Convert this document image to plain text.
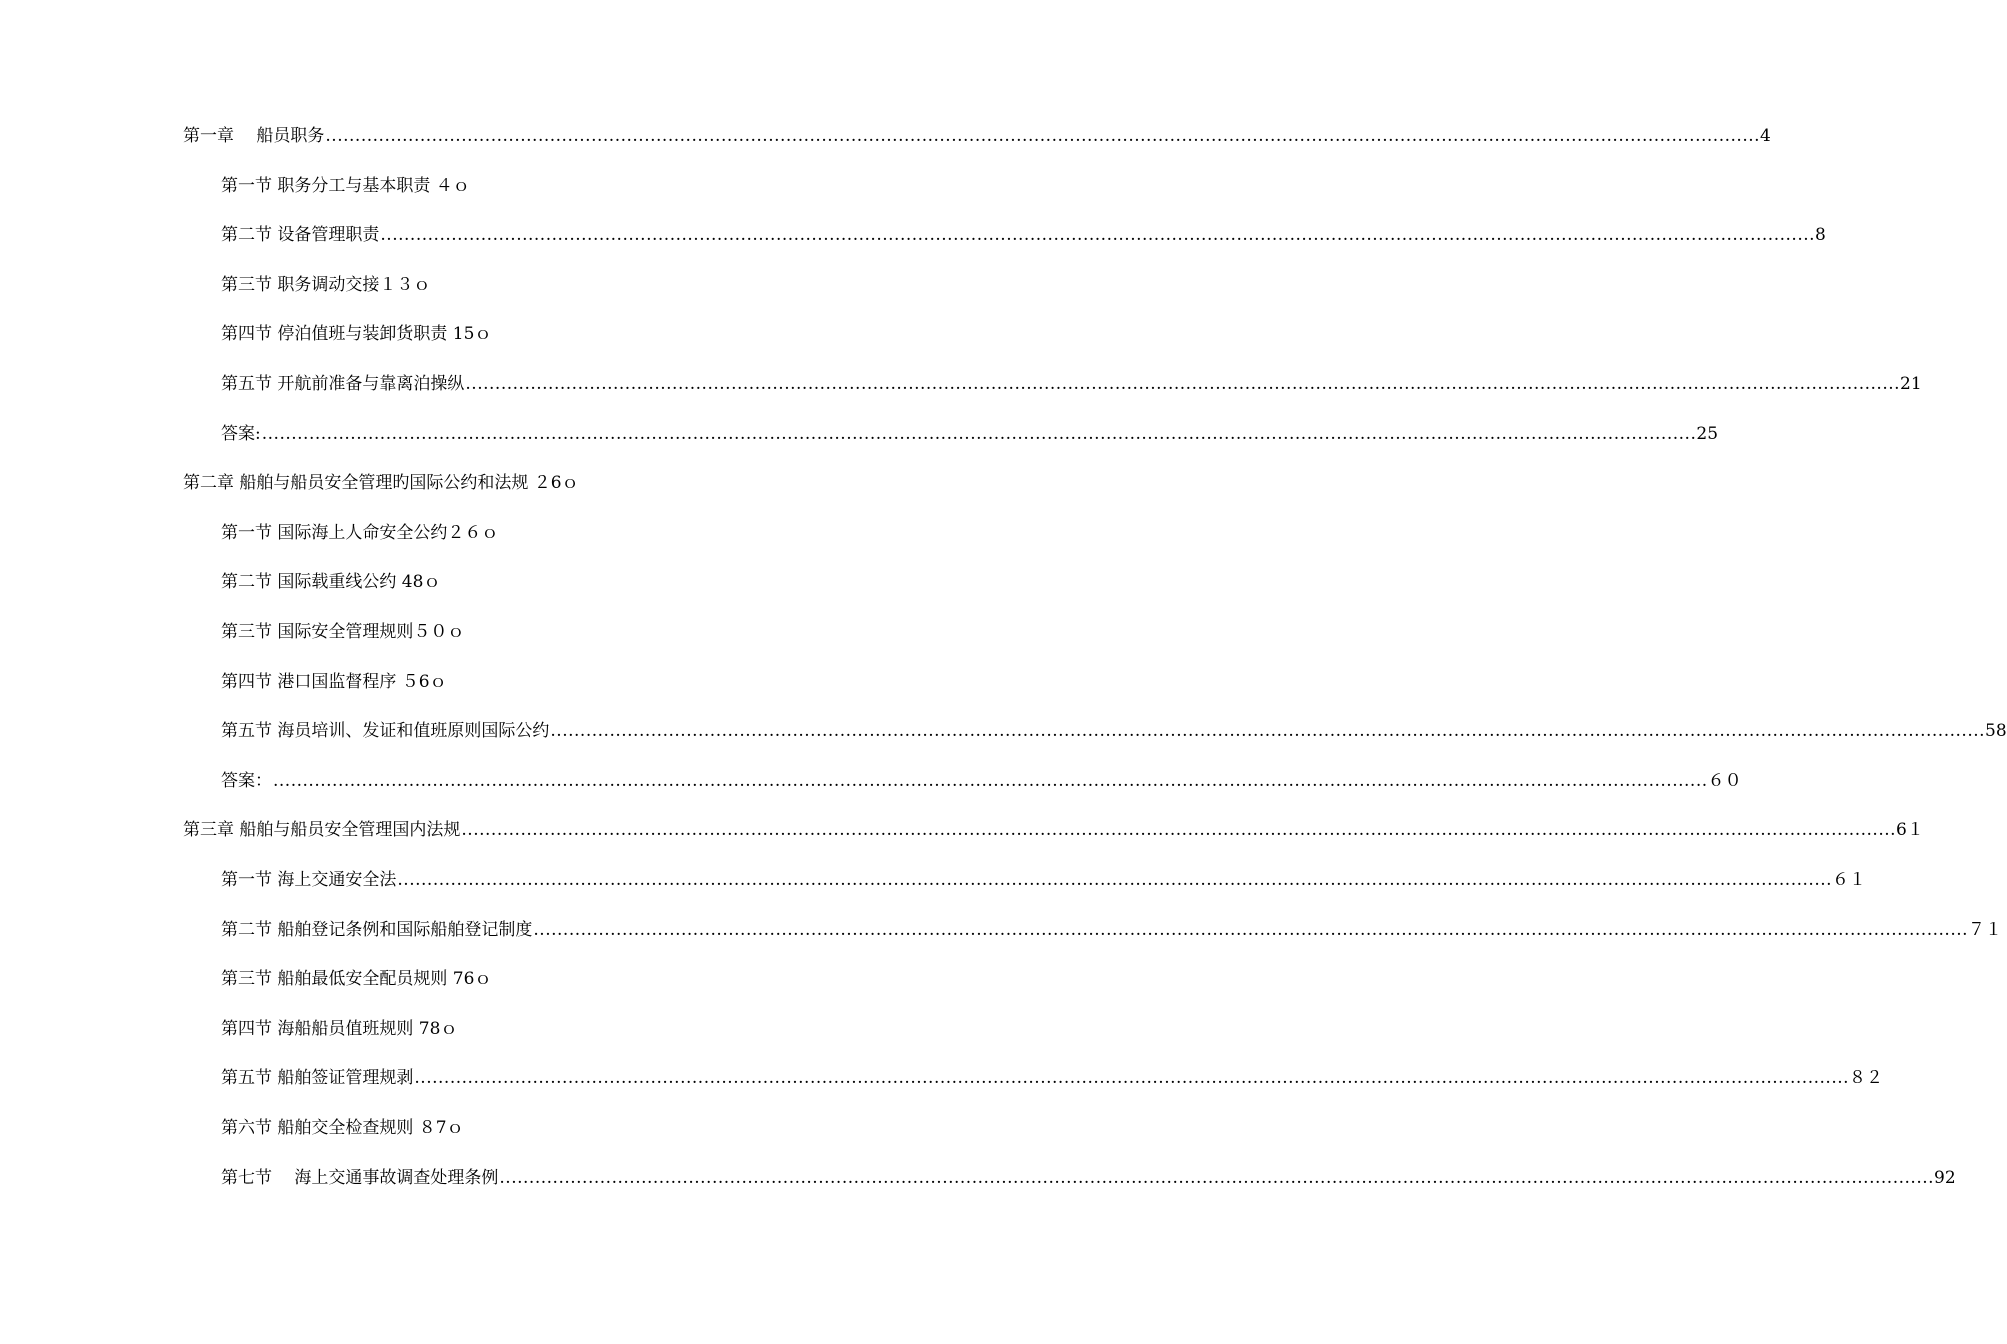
第一章　 船员职务 ................................................................................................................................................................................................................................................... 4
第一节 职务分工与基本职责 ４ｏ
第二节 设备管理职责 ................................................................................................................................................................................................................................................... 8
第三节 职务调动交接１３ｏ
第四节 停泊值班与装卸货职责 15ｏ
第五节 开航前准备与靠离泊操纵 ................................................................................................................................................................................................................................................... 21
答案: ................................................................................................................................................................................................................................................... 25
第二章 船舶与船员安全管理旳国际公约和法规 ２6ｏ
第一节 国际海上人命安全公约２６ｏ
第二节 国际载重线公约 48ｏ
第三节 国际安全管理规则５０ｏ
第四节 港口国监督程序 ５6ｏ
第五节 海员培训、发证和值班原则国际公约 ................................................................................................................................................................................................................................................... 58
答案： ................................................................................................................................................................................................................................................... ６０
第三章 船舶与船员安全管理国内法规 ................................................................................................................................................................................................................................................... 6１
第一节 海上交通安全法 ................................................................................................................................................................................................................................................... ６１
第二节 船舶登记条例和国际船舶登记制度 ................................................................................................................................................................................................................................................... ７１
第三节 船舶最低安全配员规则 76ｏ
第四节 海船船员值班规则 78ｏ
第五节 船舶签证管理规剥 ................................................................................................................................................................................................................................................... ８２
第六节 船舶交全检查规则 ８7ｏ
第七节　 海上交通事故调查处理条例 ................................................................................................................................................................................................................................................... 92
